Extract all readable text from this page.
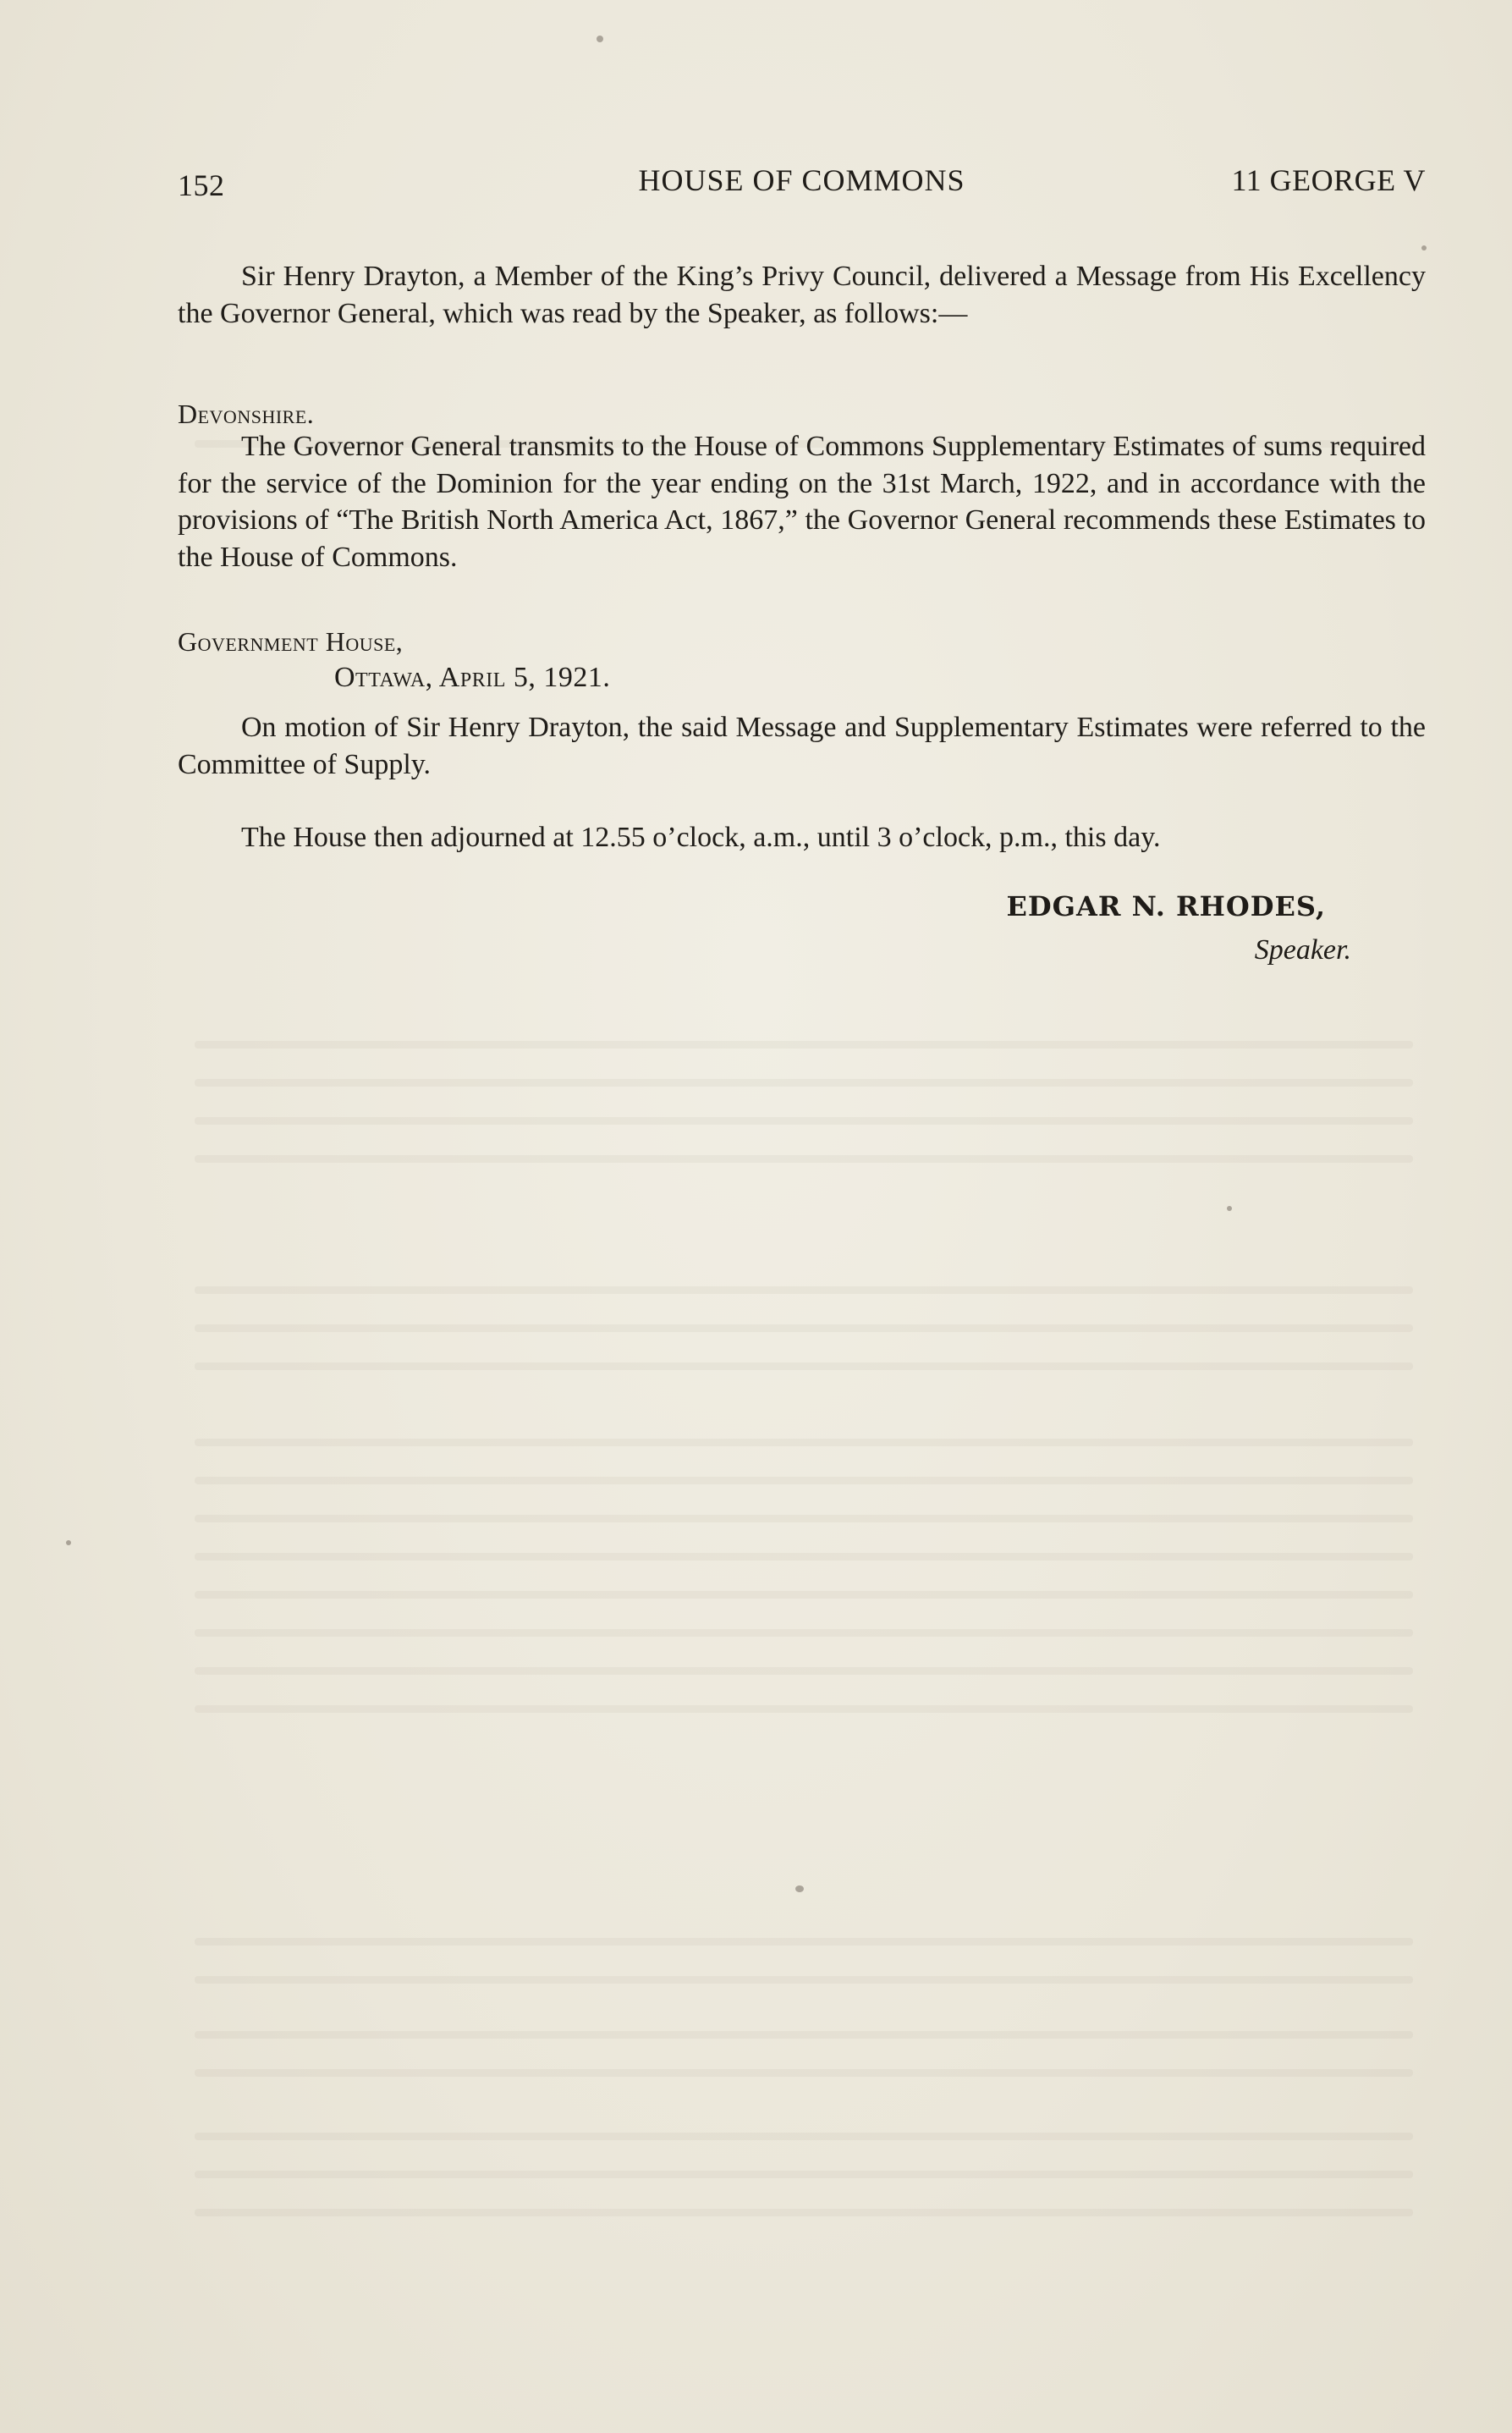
152	HOUSE OF COMMONS	11 GEORGE V

Sir Henry Drayton, a Member of the King’s Privy Council, delivered a Message from His Excellency the Governor General, which was read by the Speaker, as follows:—

Devonshire.

The Governor General transmits to the House of Commons Supplementary Estimates of sums required for the service of the Dominion for the year ending on the 31st March, 1922, and in accordance with the provisions of “The British North America Act, 1867,” the Governor General recommends these Estimates to the House of Commons.

Government House,
Ottawa, April 5, 1921.

On motion of Sir Henry Drayton, the said Message and Supplementary Estimates were referred to the Committee of Supply.

The House then adjourned at 12.55 o’clock, a.m., until 3 o’clock, p.m., this day.

EDGAR N. RHODES,
Speaker.
